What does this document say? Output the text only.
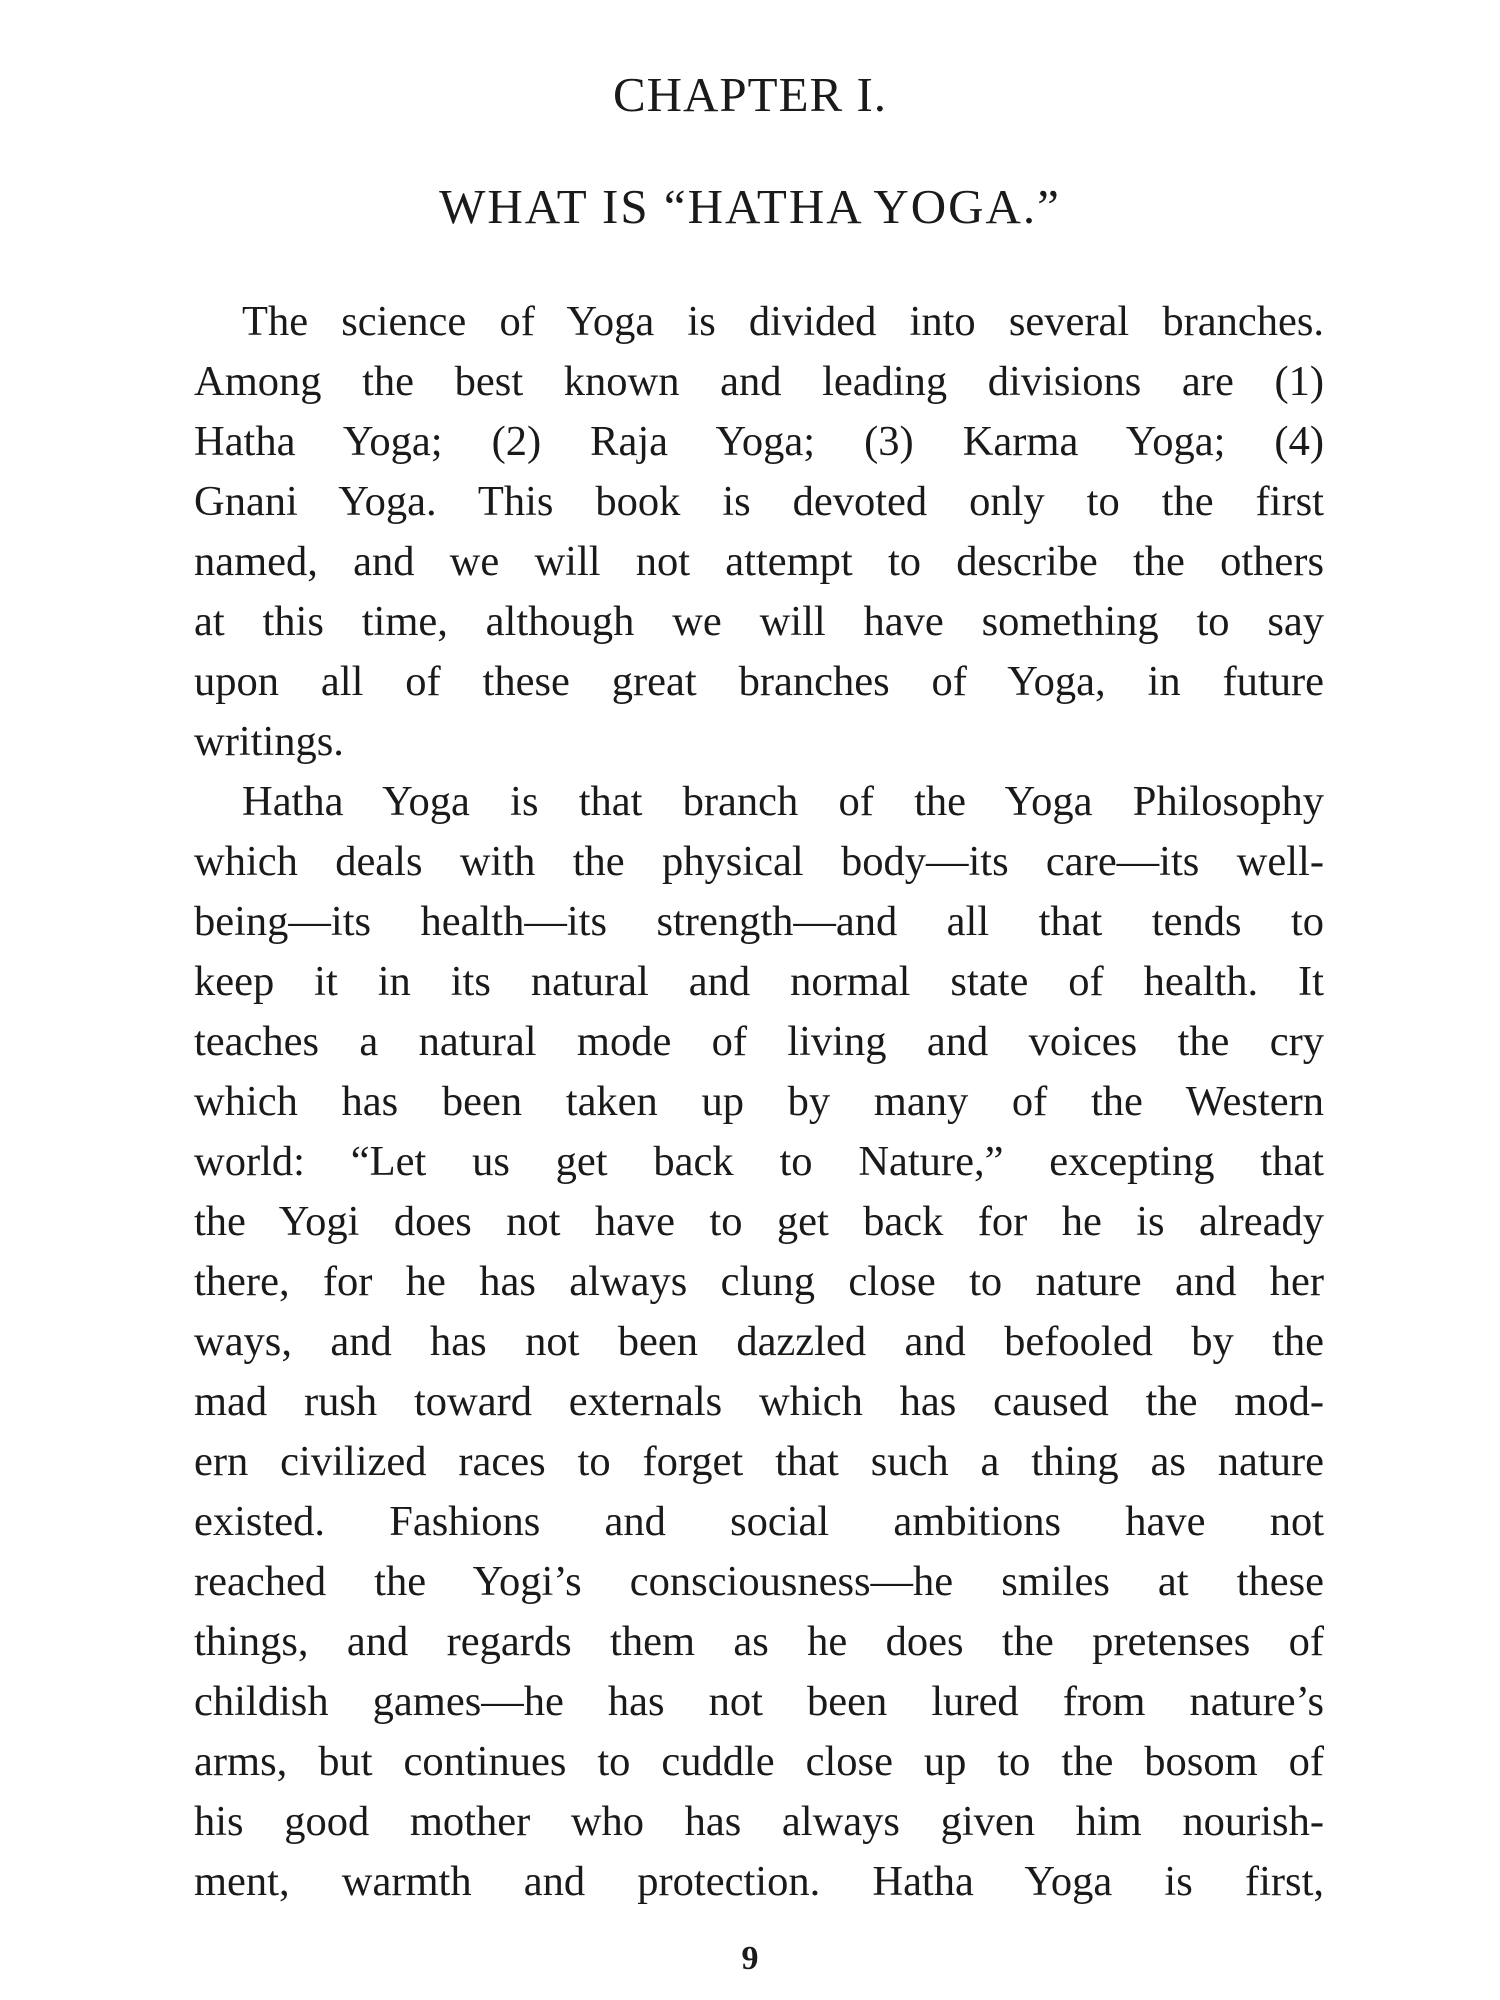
CHAPTER I.
WHAT IS “HATHA YOGA.”
The science of Yoga is divided into several branches.
Among the best known and leading divisions are (1)
Hatha Yoga; (2) Raja Yoga; (3) Karma Yoga; (4)
Gnani Yoga. This book is devoted only to the first
named, and we will not attempt to describe the others
at this time, although we will have something to say
upon all of these great branches of Yoga, in future
writings.
Hatha Yoga is that branch of the Yoga Philosophy
which deals with the physical body—its care—its well-
being—its health—its strength—and all that tends to
keep it in its natural and normal state of health. It
teaches a natural mode of living and voices the cry
which has been taken up by many of the Western
world: “Let us get back to Nature,” excepting that
the Yogi does not have to get back for he is already
there, for he has always clung close to nature and her
ways, and has not been dazzled and befooled by the
mad rush toward externals which has caused the mod-
ern civilized races to forget that such a thing as nature
existed. Fashions and social ambitions have not
reached the Yogi’s consciousness—he smiles at these
things, and regards them as he does the pretenses of
childish games—he has not been lured from nature’s
arms, but continues to cuddle close up to the bosom of
his good mother who has always given him nourish-
ment, warmth and protection. Hatha Yoga is first,

9
